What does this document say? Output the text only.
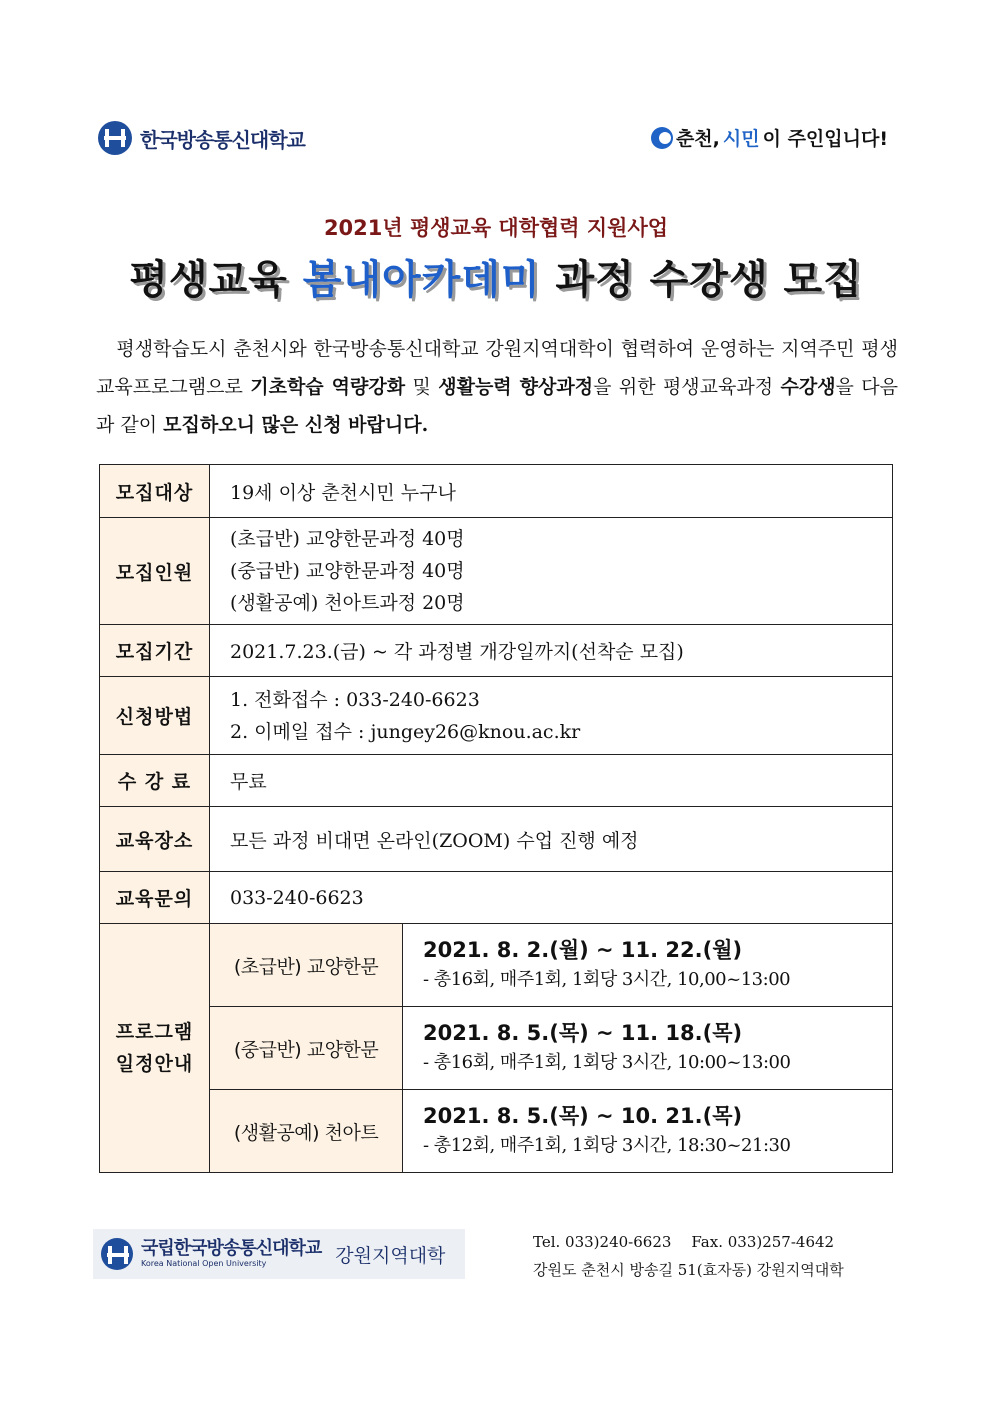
한국방송통신대학교	춘천, 시민 이 주인입니다!
2021년 평생교육 대학협력 지원사업
평생교육 봄내아카데미 과정 수강생 모집
평생학습도시 춘천시와 한국방송통신대학교 강원지역대학이 협력하여 운영하는 지역주민 평생교육프로그램으로 기초학습 역량강화 및 생활능력 향상과정을 위한 평생교육과정 수강생을 다음과 같이 모집하오니 많은 신청 바랍니다.
모집대상	19세 이상 춘천시민 누구나	
모집인원	(초급반) 교양한문과정 40명
(중급반) 교양한문과정 40명
(생활공예) 천아트과정 20명	

모집기간	2021.7.23.(금) ~ 각 과정별 개강일까지(선착순 모집)	
신청방법	1. 전화접수 : 033-240-6623
2. 이메일 접수 : jungey26@knou.ac.kr	

수 강 료	무료	
교육장소	모든 과정 비대면 온라인(ZOOM) 수업 진행 예정	
교육문의	033-240-6623	

프로그램
일정안내	(초급반) 교양한문	2021. 8. 2.(월) ~ 11. 22.(월)
- 총16회, 매주1회, 1회당 3시간, 10,00~13:00

	(중급반) 교양한문	2021. 8. 5.(목) ~ 11. 18.(목)
- 총16회, 매주1회, 1회당 3시간, 10:00~13:00

	(생활공예) 천아트	2021. 8. 5.(목) ~ 10. 21.(목)
- 총12회, 매주1회, 1회당 3시간, 18:30~21:30
국립한국방송통신대학교
Korea National Open University	강원지역대학
Tel. 033)240-6623 Fax. 033)257-4642
강원도 춘천시 방송길 51(효자동) 강원지역대학
